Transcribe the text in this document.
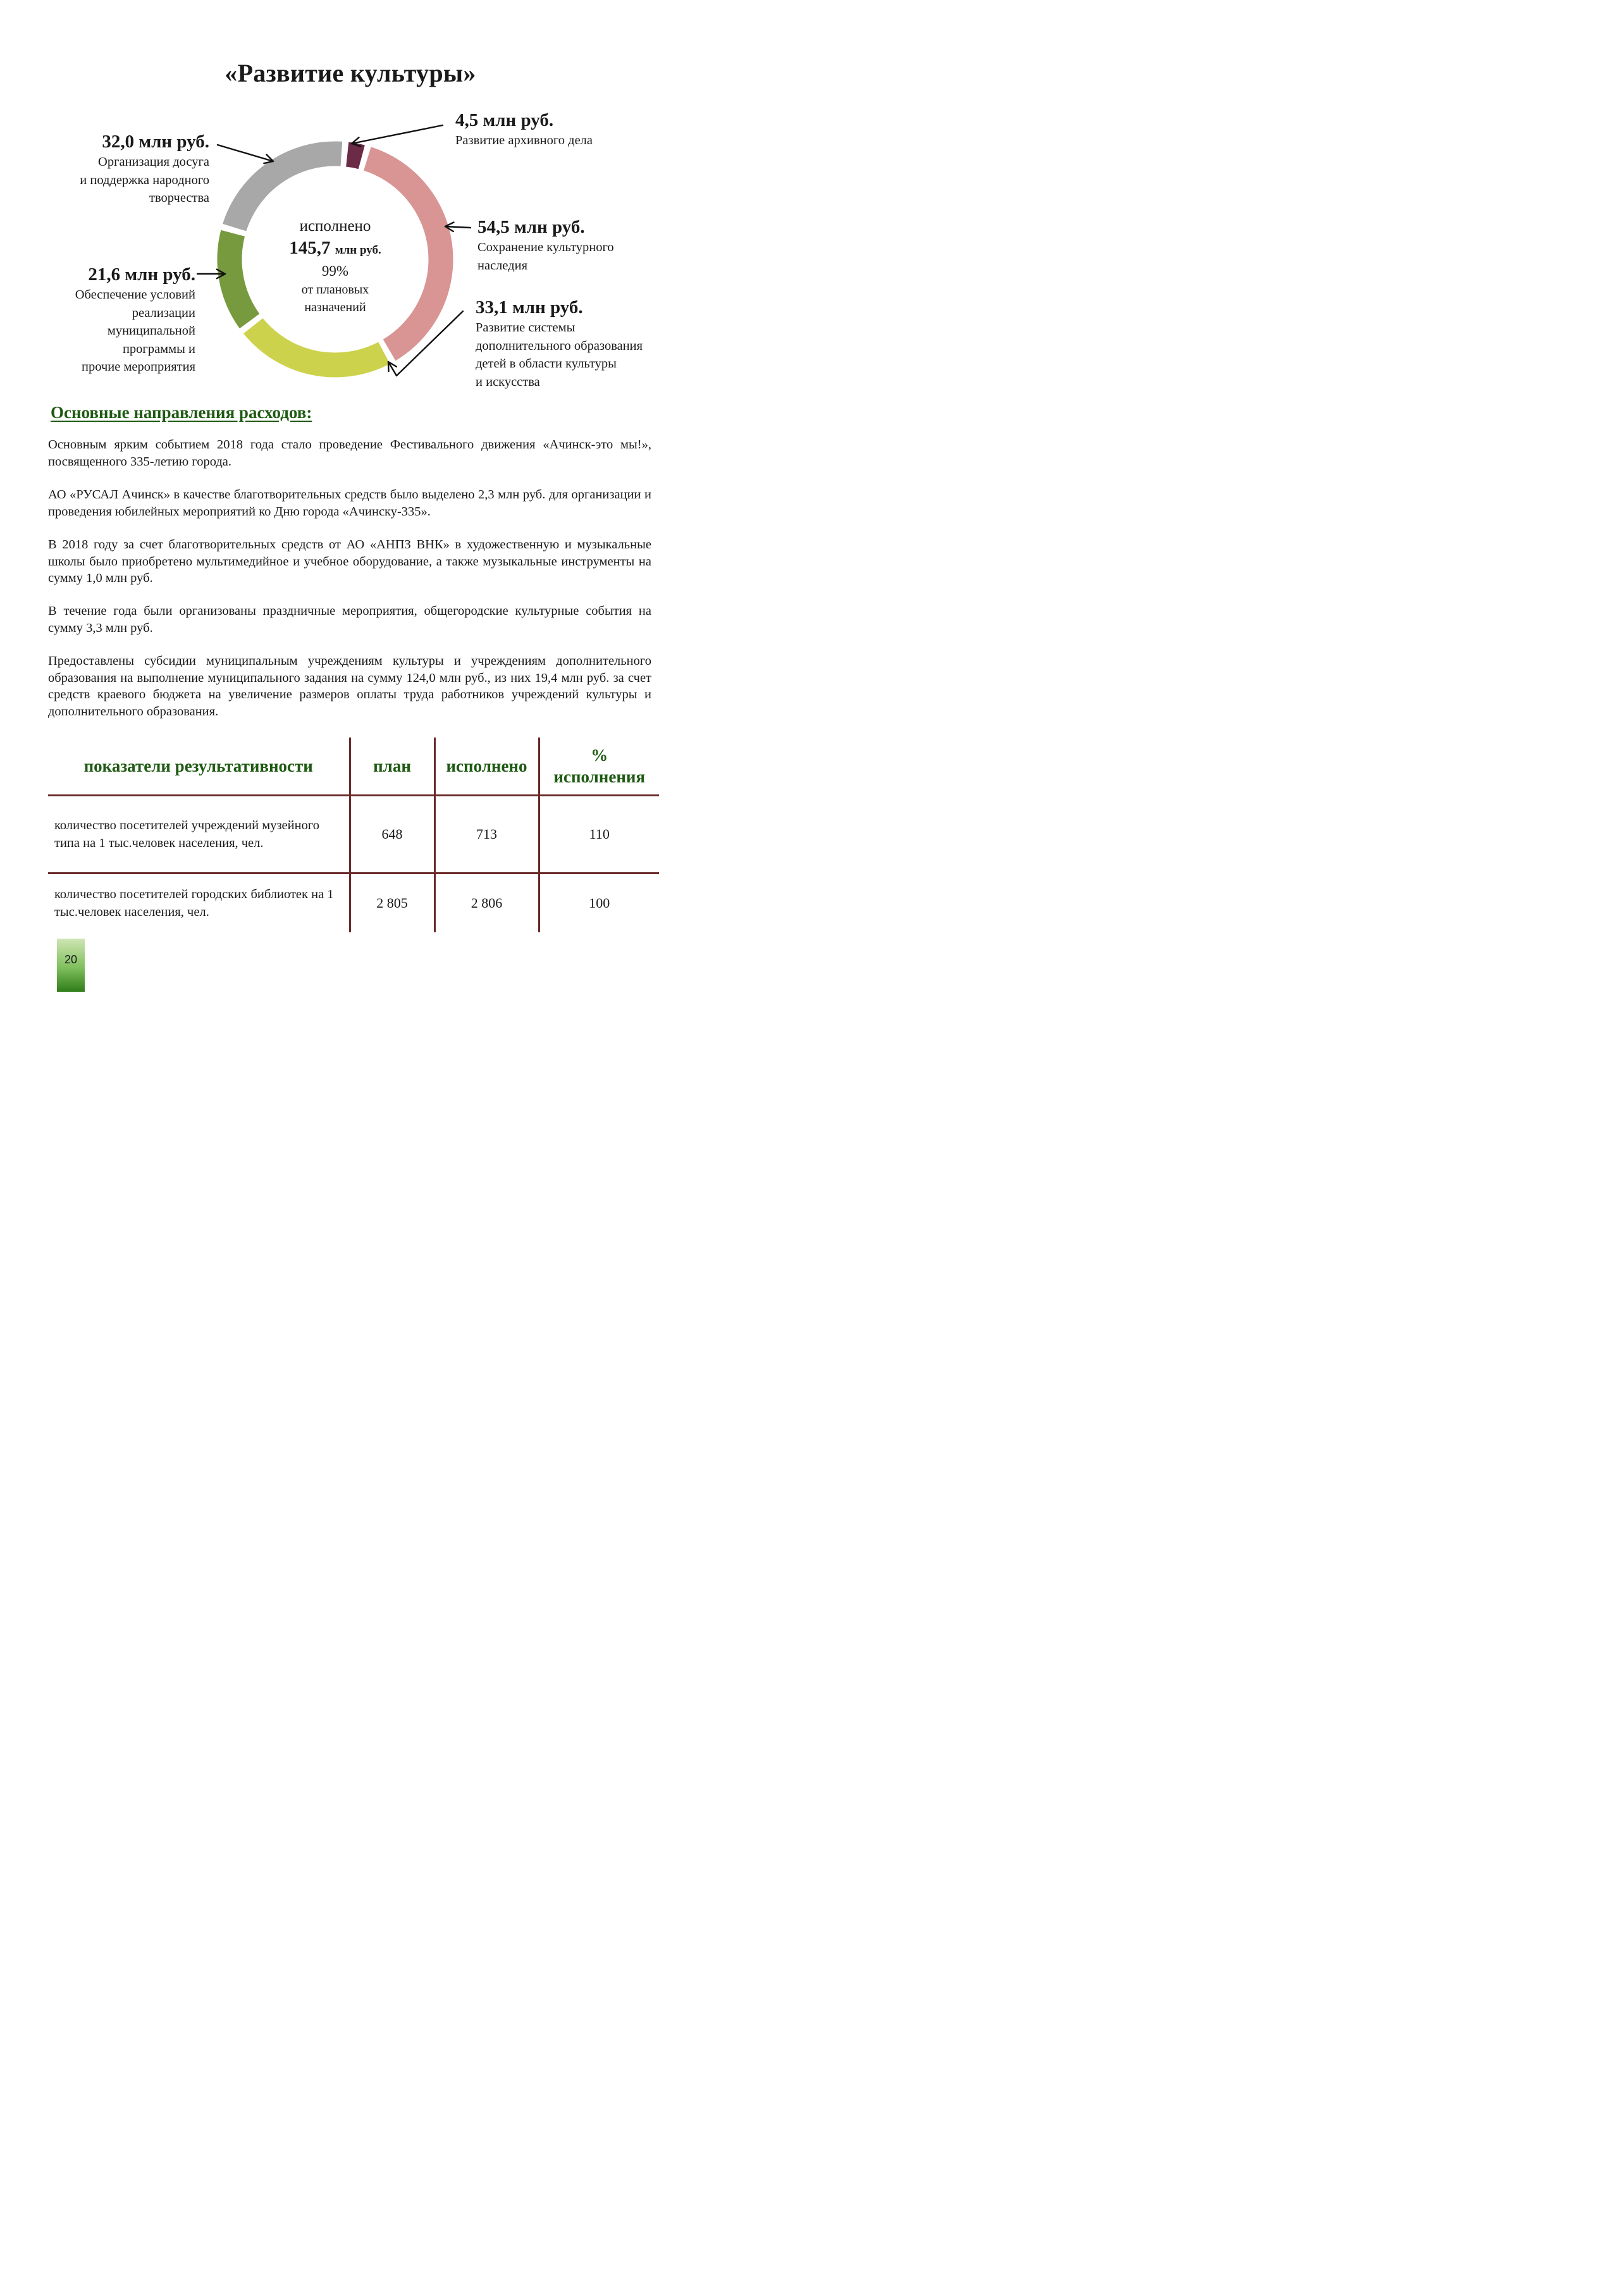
«Развитие культуры»
исполнено
145,7 млн руб.
99%
от плановых
назначений
4,5 млн руб.
Развитие архивного дела
54,5 млн руб.
Сохранение культурного
наследия
33,1 млн руб.
Развитие системы
дополнительного образования
детей в области культуры
и искусства
21,6 млн руб.
Обеспечение условий
реализации
муниципальной
программы и
прочие мероприятия
32,0 млн руб.
Организация досуга
и поддержка народного
творчества
Основные направления расходов:

Основным ярким событием 2018 года стало проведение Фестивального движения «Ачинск-это мы!», посвященного 335-летию города.

АО «РУСАЛ Ачинск» в качестве благотворительных средств было выделено 2,3 млн руб. для организации и проведения юбилейных мероприятий ко Дню города «Ачинску-335».

В 2018 году за счет благотворительных средств от АО «АНПЗ ВНК» в художественную и музыкальные школы было приобретено мультимедийное и учебное оборудование, а также музыкальные инструменты на сумму 1,0 млн руб.

В течение года были организованы праздничные мероприятия, общегородские культурные события на сумму 3,3 млн руб.

Предоставлены субсидии муниципальным учреждениям культуры и учреждениям дополнительного образования на выполнение муниципального задания на сумму 124,0 млн руб., из них 19,4 млн руб. за счет средств краевого бюджета на увеличение размеров оплаты труда работников учреждений культуры и дополнительного образования.

показатели результативности	план	исполнено	%
исполнения
количество посетителей учреждений музейного типа на 1 тыс.человек населения, чел.	648	713	110
количество посетителей городских библиотек на 1 тыс.человек населения, чел.	2 805	2 806	100
20
